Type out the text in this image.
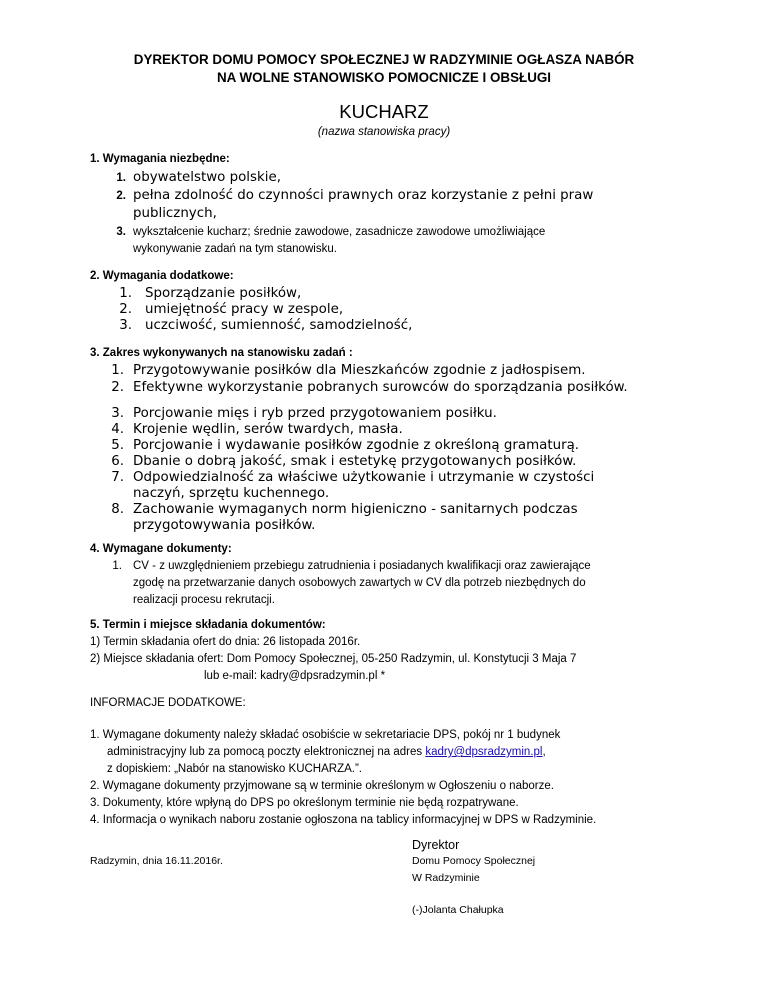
DYREKTOR DOMU POMOCY SPOŁECZNEJ W RADZYMINIE OGŁASZA NABÓR
NA WOLNE STANOWISKO POMOCNICZE I OBSŁUGI
KUCHARZ
(nazwa stanowiska pracy)
1. Wymagania niezbędne:
1. obywatelstwo polskie,
2. pełna zdolność do czynności prawnych oraz korzystanie z pełni praw
publicznych,
3. wykształcenie kucharz; średnie zawodowe, zasadnicze zawodowe umożliwiające
wykonywanie zadań na tym stanowisku.
2. Wymagania dodatkowe:
1. Sporządzanie posiłków,
2. umiejętność pracy w zespole,
3. uczciwość, sumienność, samodzielność,
3. Zakres wykonywanych na stanowisku zadań :
1. Przygotowywanie posiłków dla Mieszkańców zgodnie z jadłospisem.
2. Efektywne wykorzystanie pobranych surowców do sporządzania posiłków.
3. Porcjowanie mięs i ryb przed przygotowaniem posiłku.
4. Krojenie wędlin, serów twardych, masła.
5. Porcjowanie i wydawanie posiłków zgodnie z określoną gramaturą.
6. Dbanie o dobrą jakość, smak i estetykę przygotowanych posiłków.
7. Odpowiedzialność za właściwe użytkowanie i utrzymanie w czystości
naczyń, sprzętu kuchennego.
8. Zachowanie wymaganych norm higieniczno - sanitarnych podczas
przygotowywania posiłków.
4. Wymagane dokumenty:
1. CV - z uwzględnieniem przebiegu zatrudnienia i posiadanych kwalifikacji oraz zawierające
zgodę na przetwarzanie danych osobowych zawartych w CV dla potrzeb niezbędnych do
realizacji procesu rekrutacji.
5. Termin i miejsce składania dokumentów:
1) Termin składania ofert do dnia: 26 listopada 2016r.
2) Miejsce składania ofert: Dom Pomocy Społecznej, 05-250 Radzymin, ul. Konstytucji 3 Maja 7
lub e-mail: kadry@dpsradzymin.pl *
INFORMACJE DODATKOWE:
1. Wymagane dokumenty należy składać osobiście w sekretariacie DPS, pokój nr 1 budynek
administracyjny lub za pomocą poczty elektronicznej na adres kadry@dpsradzymin.pl,
z dopiskiem: „Nabór na stanowisko KUCHARZA.”.
2. Wymagane dokumenty przyjmowane są w terminie określonym w Ogłoszeniu o naborze.
3. Dokumenty, które wpłyną do DPS po określonym terminie nie będą rozpatrywane.
4. Informacja o wynikach naboru zostanie ogłoszona na tablicy informacyjnej w DPS w Radzyminie.
Dyrektor
Radzymin, dnia 16.11.2016r.	Domu Pomocy Społecznej
W Radzyminie
(-)Jolanta Chałupka
